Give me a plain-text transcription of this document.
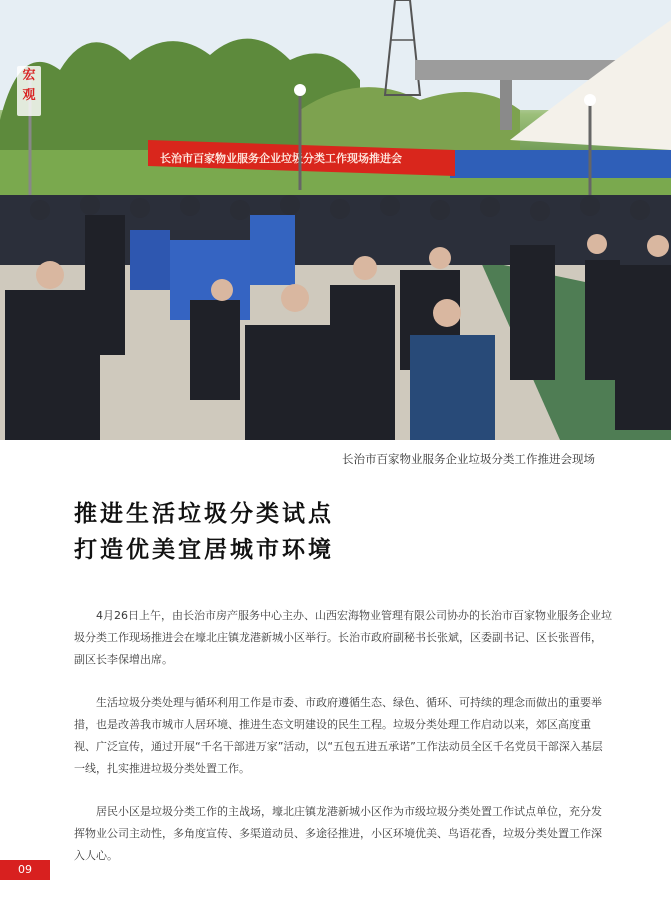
长治市百家物业服务企业垃圾分类工作现场推进会
宏
观
长治市百家物业服务企业垃圾分类工作推进会现场
推进生活垃圾分类试点
打造优美宜居城市环境

4月26日上午，由长治市房产服务中心主办、山西宏海物业管理有限公司协办的长治市百家物业服务企业垃圾分类工作现场推进会在壕北庄镇龙港新城小区举行。长治市政府副秘书长张斌，区委副书记、区长张晋伟，副区长李保增出席。

生活垃圾分类处理与循环利用工作是市委、市政府遵循生态、绿色、循环、可持续的理念而做出的重要举措，也是改善我市城市人居环境、推进生态文明建设的民生工程。垃圾分类处理工作启动以来，郊区高度重视、广泛宣传，通过开展“千名干部进万家”活动，以“五包五进五承诺”工作法动员全区千名党员干部深入基层一线，扎实推进垃圾分类处置工作。

居民小区是垃圾分类工作的主战场，壕北庄镇龙港新城小区作为市级垃圾分类处置工作试点单位，充分发挥物业公司主动性，多角度宣传、多渠道动员、多途径推进，小区环境优美、鸟语花香，垃圾分类处置工作深入人心。

09
